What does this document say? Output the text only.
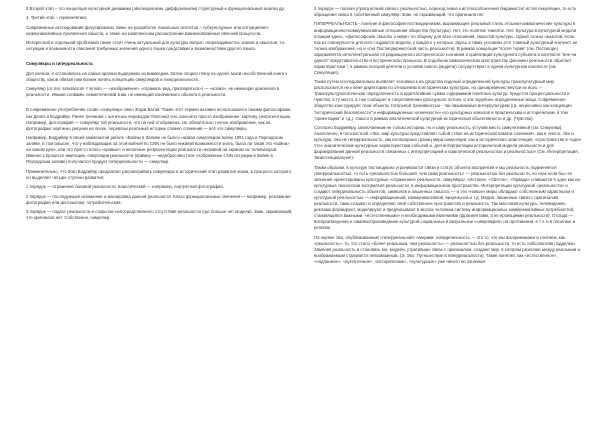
2.Второй этап – это концепция культурной динамики (эволюционизм, диффузионизм) структурный и функциональный анализ др.

3. Третий этап – герменевтика

Современные исследования фокусированы также на разработке локальных аспектов – субкультурные или ситуационно-коммуникативные проявления смысла, а также на комплексном рассмотрении взаимосвязанных явлений процессов.

Интересной и отдельной проблемой также стоят очень актуальный для культуры вопрос «переводимости» знаков и смыслов, т.е. ситуации и возможности описания требуемых значений одного языка средствами и возможностями другого языка.

Симулякры и гиперреальность

Для начала, я остановлюсь на самых кратких выдержках из википедии. Затем опорно гляну из одной, моей несобственной книги к обществу, каков обязан нам возник понять концепцию симулякров и гиперреальности.

Симулякр (от лат. simulacrum < simulo — «изображение» «отражать вид, притворяться») — «копия», не имеющая оригинала в реальности. Иными словами, семиотический знак, не имеющий означаемого объекта в реальности.

В современное употребление слово «симулякр» ввел Жорж Батай. Также этот термин активно использовался такими философами, как Делёз и Бодрийяр. Ранее (начиная с античных переводов Платона) оно означало просто изображение, картину, репрезентацию. Например, фотография — симулякр той реальности, что на ней отображена. Не обязательно точное изображение, как на фотографии: картины, рисунки на песке, перевязы реальный истории сложно сложения — всё это симулякры.

Например, Бодрийяр в своей знаменитой работе «Войны в Заливе не было» назвал симулякром войну 1991 года в Персидском заливе, в том смысле, что у наблюдающих за этой войной по CNN не было никакой возможности знать, была ли такая эта «война» на самом деле, или это просто плохо «кривые» и неполные репрезентации реальности неправой на экранах их телевизоров. Именно к процессе имитации, симуляции реальности (пример — недобросовестное отображение CNN ситуации в Войне в Персидском заливе) получается продукт гиперреальности — симулякр.

Применительно, что Жан Бодрийяр предлагает рассматривать симулякры в исторический этап развития знака, в процессе которого он выделяет четыре ступени развития:

1 порядок — отражение базовой реальности. Классический — например, портретная фотография.

2 порядок — последующее искажение и маскировка данной реальности. Класс функциональные значения — например, рекламная фотография или фотошопом, потребительская.

3 порядок — подлог реальности и сокрытие непосредственного отсутствия реальности (где больше нет модели). Знак, скрывающий, что оригинала нет. Собственно, симулякр.

4 порядок — полная утрата всякой связи с реальностью, переход знака к истопособоечения (видимости) истой симуляции, то есть обращения знака в собственный симулякр. Знак, не скрывающий, что оригинала нет.

ГИПЕРРЕАЛЬНОСТЬ - понятие в философии постмодернизма, выражающее реальный стиль отсылки-символические культуры в информационно-коммуникативные отношения общества (Культуры). Нет, это понятие тяжелое. Нет. Культура в культурной модели позиции здесь, «философские смыслы о мире» по общему для всех отношения, смыслов культуры. Одной только смыслов, если. Как из совокупности для кого создаются модели, у каждого у которых. Здесь в таких условиях этот главный культурный контекст не только изображение, но и «(на Постмодернистской часть реальности). В рамках концепции “после торин” (см. Постигоре) оформляется интеллектуальная отграданщенного исторического сознания и ориентация культурного субъекта в контексте “вне-на одного” представительство и исторического процесса. В подобном символическом пространстве феномен реальности обретает характеристики “, в рамках которой деятели и условия нового (модели) сосуществуют в одном культурном контексте (см. Симуляция).

Также путем последовательно выявляет человека к на средства подоной определенной культуры транскультурный мир распологается не к вене директории по отношению в исторических культурах, но одновременно внутри их всех. – Транскультурологическая определенность и адаптативная сумма содержимой понятных культур, предстоя процессуальности и Чувство, в ту место, в том сообщает в сопротивления культурного потока, и эта подобное определенные вещи. Современное общество конструирует свои объекты тотальной тренивностью - так называемые интеркультурам (гр. нецессивно как концепции “исторический безопасности” и информационных «конечности» его культурных каналов и практическим и историческим, в том “ориентации” и т.д.). Смысл в рамках аналитической культурной исторической объективности и др. (Чувство).

Согласно Бодрийяру, заключаемым не только историю, но и саму реальность, уступив место симулятивной (см. Симулякр). Аналогично, в плоскостной «Эко, мир культуры представляет собой ствол на исторической памяти сознания», как в тексте, Эко и культура, Эко не гиперреальность, как иллюзорных границ мира симуляции, как и историческая экзистенция, «пространстве в «идее что» аналитические культурные характеристики событий и. для интерпретации исторической модели реальности и для формирования данной реальности связанных с интерпретацией и практической реальностью и реальностью» (См. Интерпретация, Экзистенциальное).

Таким образом, в культуре постмодерна утрачиваются связи и статус объекта восприятия и мы реальность подменяется гиперреальностью, то есть «реальностью большей, чем сама реальность» — реальностью без реальности, но «как если бы» ее значения ориентированы культурные «отражения» реальности, симулякры. «Истина», «Святое», «Правда» сливаются в одно как на культурные технологии восприятия реальности, в информационном пространстве. Интерпретации культурной «реальности» и создают гиперреальность объектов, символов и лишенных смысла, — и эти «новые» миры обладают собственным характером и культурной реальностью — информационной, коммуникативной, визуальной и т.д. Медиа, лишенные связи с оригиналом реальности, сами создают и определяют своё собственное пространство и реальность. Так массовая культура, телевидение, реклама формируют, моделируют и предписывают в мозгах человека систему информационных коммуникативных потребностей, становящиеся важными, «естественными» и необходимыми явлениями (фрагментами, а не проекциями реальности). Отсюда — воспроизведение и самовоспроизведение культурой социальных и визуальных «симулякров» на протяжении, в т.ч. и в политике и религии.

По оценке Эко, опубликованный «гиперреальной» Америки: гиперреальность — это то, что мы воспринимаем и считаем, как «реальность», то, что стало «более реальным, чем реальность» — реальностью без реальности, то есть «абсолютная подделка». Заменяя реальность и становясь ею, модели, утратившие связь с оригиналом, создают мир, в котором различие между реальным и воображаемым становится невозможным. (Э. Эко. Путешествие в гиперреальности). Такие понятия, как «естественное», «подлинное», «аутентичное», «исторические», «культурные» уже ничего не означают.
